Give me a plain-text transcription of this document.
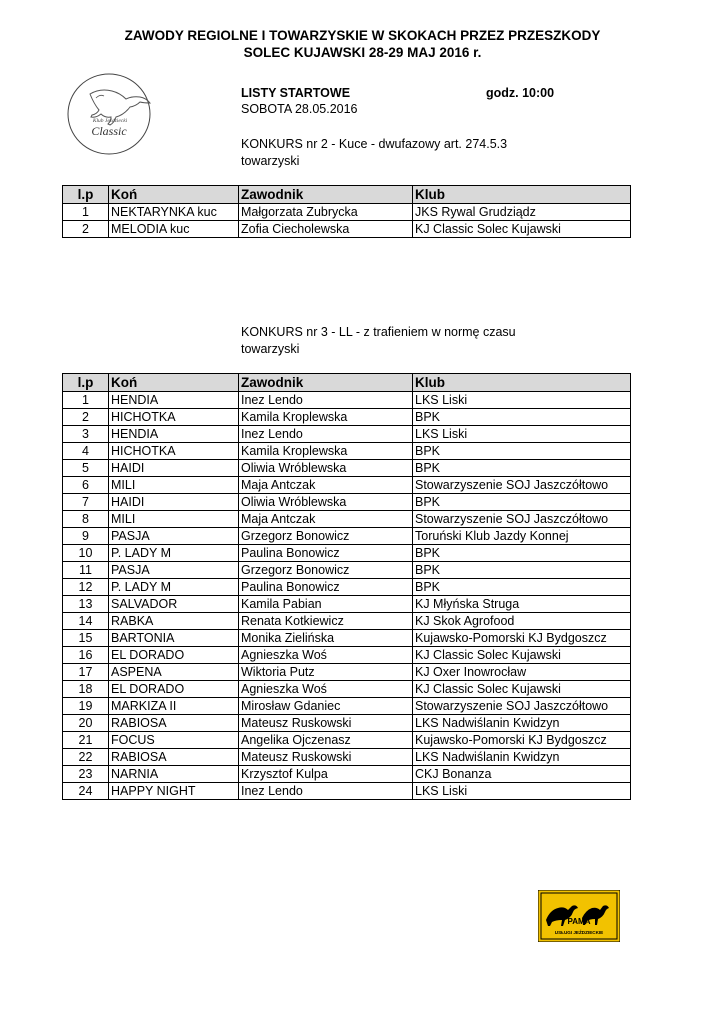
ZAWODY REGIOLNE I TOWARZYSKIE W SKOKACH PRZEZ PRZESZKODY
SOLEC KUJAWSKI 28-29 MAJ 2016 r.
Klub Jeździecki
Classic
LISTY STARTOWE	godz. 10:00
SOBOTA 28.05.2016
KONKURS nr 2 - Kuce - dwufazowy art. 274.5.3
towarzyski
l.p	Koń	Zawodnik	Klub
1	NEKTARYNKA kuc	Małgorzata Zubrycka	JKS Rywal Grudziądz
2	MELODIA kuc	Zofia Ciecholewska	KJ Classic Solec Kujawski
KONKURS nr 3 - LL - z trafieniem w normę czasu
towarzyski
l.p	Koń	Zawodnik	Klub
1	HENDIA	Inez Lendo	LKS Liski
2	HICHOTKA	Kamila Kroplewska	BPK
3	HENDIA	Inez Lendo	LKS Liski
4	HICHOTKA	Kamila Kroplewska	BPK
5	HAIDI	Oliwia Wróblewska	BPK
6	MILI	Maja Antczak	Stowarzyszenie SOJ Jaszczółtowo
7	HAIDI	Oliwia Wróblewska	BPK
8	MILI	Maja Antczak	Stowarzyszenie SOJ Jaszczółtowo
9	PASJA	Grzegorz Bonowicz	Toruński Klub Jazdy Konnej
10	P. LADY M	Paulina Bonowicz	BPK
11	PASJA	Grzegorz Bonowicz	BPK
12	P. LADY M	Paulina Bonowicz	BPK
13	SALVADOR	Kamila Pabian	KJ Młyńska Struga
14	RABKA	Renata Kotkiewicz	KJ Skok Agrofood
15	BARTONIA	Monika Zielińska	Kujawsko-Pomorski KJ Bydgoszcz
16	EL DORADO	Agnieszka Woś	KJ Classic Solec Kujawski
17	ASPENA	Wiktoria Putz	KJ Oxer Inowrocław
18	EL DORADO	Agnieszka Woś	KJ Classic Solec Kujawski
19	MARKIZA II	Mirosław Gdaniec	Stowarzyszenie SOJ Jaszczółtowo
20	RABIOSA	Mateusz Ruskowski	LKS Nadwiślanin Kwidzyn
21	FOCUS	Angelika Ojczenasz	Kujawsko-Pomorski KJ Bydgoszcz
22	RABIOSA	Mateusz Ruskowski	LKS Nadwiślanin Kwidzyn
23	NARNIA	Krzysztof Kulpa	CKJ Bonanza
24	HAPPY NIGHT	Inez Lendo	LKS Liski
PAMA
USŁUGI JEŹDZIECKIE
